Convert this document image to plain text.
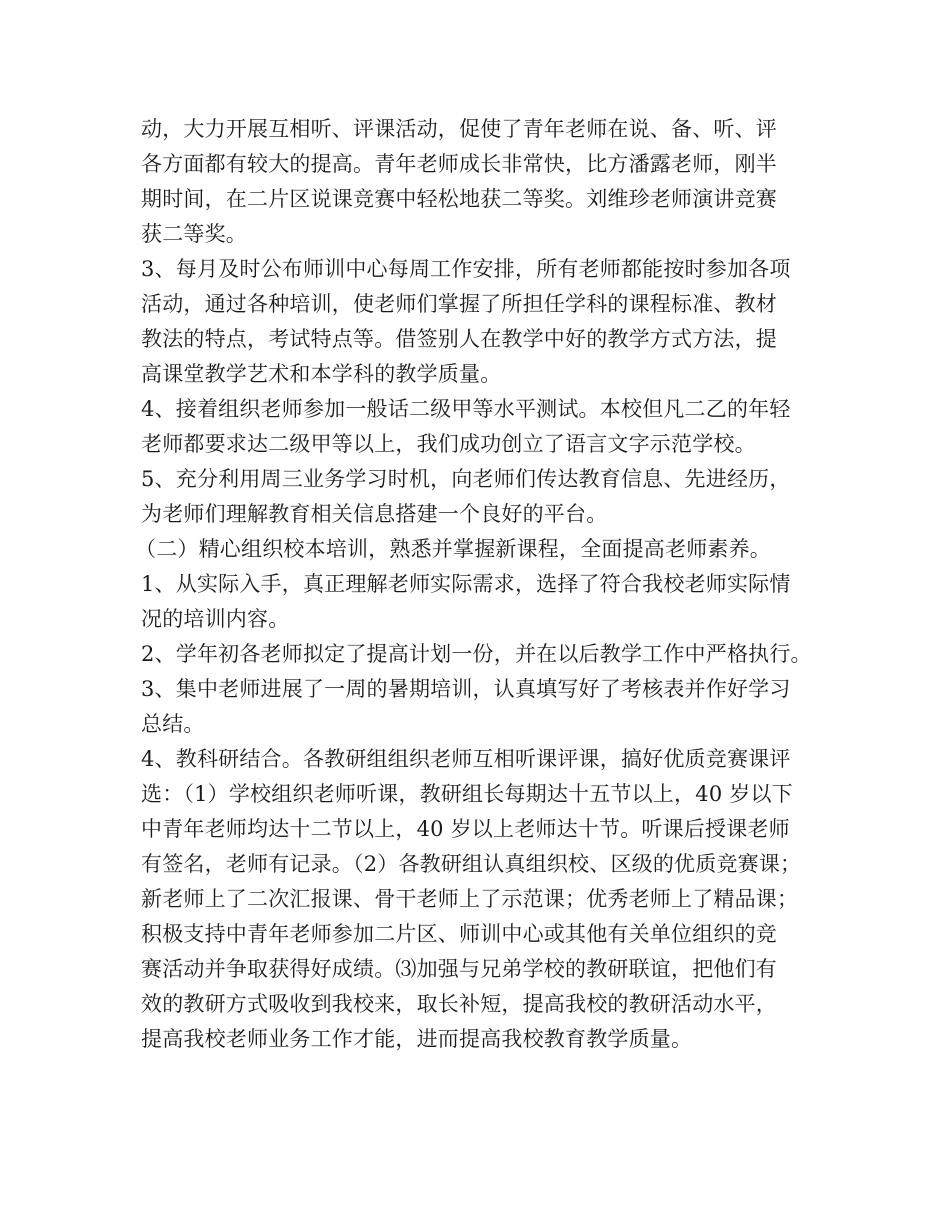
动，大力开展互相听、评课活动，促使了青年老师在说、备、听、评
各方面都有较大的提高。青年老师成长非常快，比方潘露老师，刚半
期时间，在二片区说课竞赛中轻松地获二等奖。刘维珍老师演讲竞赛
获二等奖。
3、每月及时公布师训中心每周工作安排，所有老师都能按时参加各项
活动，通过各种培训，使老师们掌握了所担任学科的课程标准、教材
教法的特点，考试特点等。借签别人在教学中好的教学方式方法，提
高课堂教学艺术和本学科的教学质量。
4、接着组织老师参加一般话二级甲等水平测试。本校但凡二乙的年轻
老师都要求达二级甲等以上，我们成功创立了语言文字示范学校。
5、充分利用周三业务学习时机，向老师们传达教育信息、先进经历，
为老师们理解教育相关信息搭建一个良好的平台。
（二）精心组织校本培训，熟悉并掌握新课程，全面提高老师素养。
1、从实际入手，真正理解老师实际需求，选择了符合我校老师实际情
况的培训内容。
2、学年初各老师拟定了提高计划一份，并在以后教学工作中严格执行。
3、集中老师进展了一周的暑期培训，认真填写好了考核表并作好学习
总结。
4、教科研结合。各教研组组织老师互相听课评课，搞好优质竞赛课评
选：（1）学校组织老师听课，教研组长每期达十五节以上，40 岁以下
中青年老师均达十二节以上，40 岁以上老师达十节。听课后授课老师
有签名，老师有记录。（2）各教研组认真组织校、区级的优质竞赛课；
新老师上了二次汇报课、骨干老师上了示范课；优秀老师上了精品课；
积极支持中青年老师参加二片区、师训中心或其他有关单位组织的竞
赛活动并争取获得好成绩。⑶加强与兄弟学校的教研联谊，把他们有
效的教研方式吸收到我校来，取长补短，提高我校的教研活动水平，
提高我校老师业务工作才能，进而提高我校教育教学质量。
